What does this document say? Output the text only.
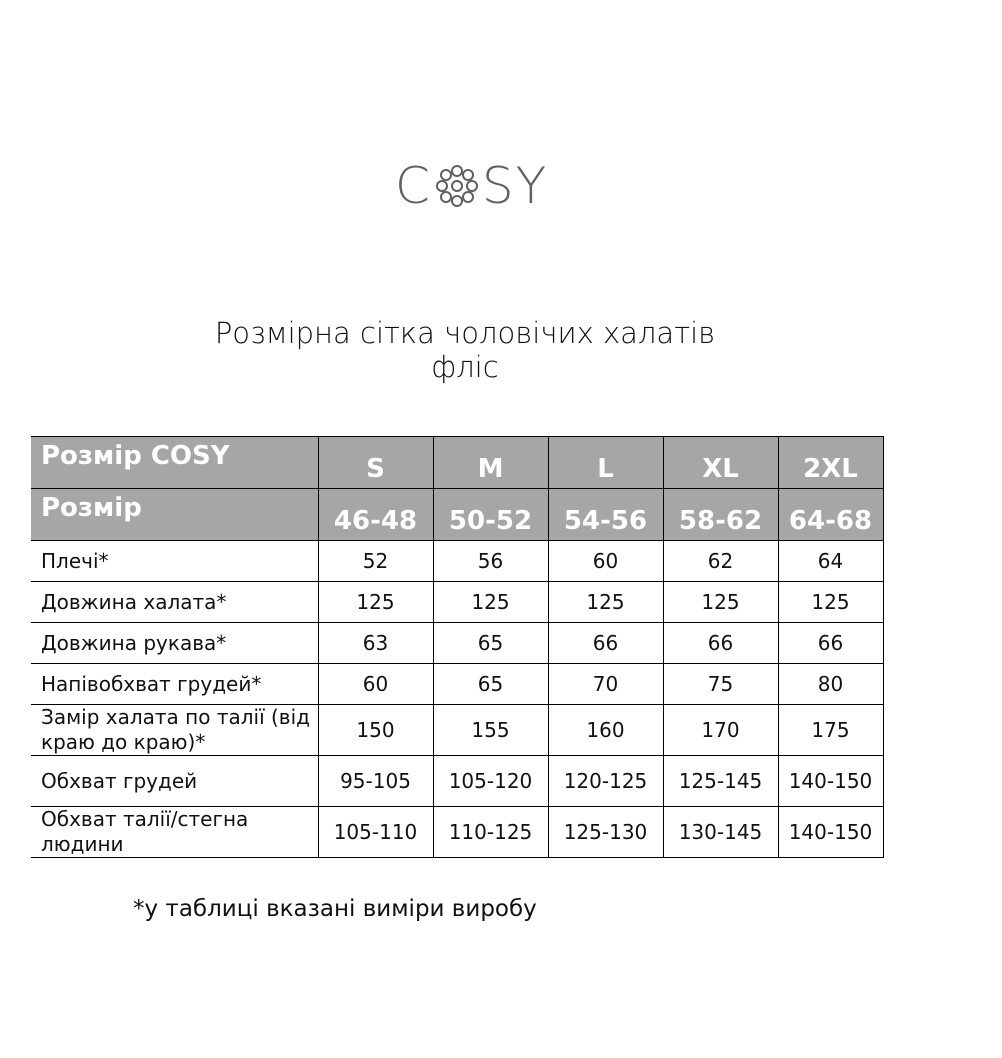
C SY
Розмірна сітка чоловічих халатів
фліс
Розмір COSY	S	M	L	XL	2XL
Розмір	46-48	50-52	54-56	58-62	64-68
Плечі*	52	56	60	62	64
Довжина халата*	125	125	125	125	125
Довжина рукава*	63	65	66	66	66
Напівобхват грудей*	60	65	70	75	80
Замір халата по талії (від краю до краю)*	150	155	160	170	175
Обхват грудей	95-105	105-120	120-125	125-145	140-150
Обхват талії/стегна людини	105-110	110-125	125-130	130-145	140-150
*у таблиці вказані виміри виробу
